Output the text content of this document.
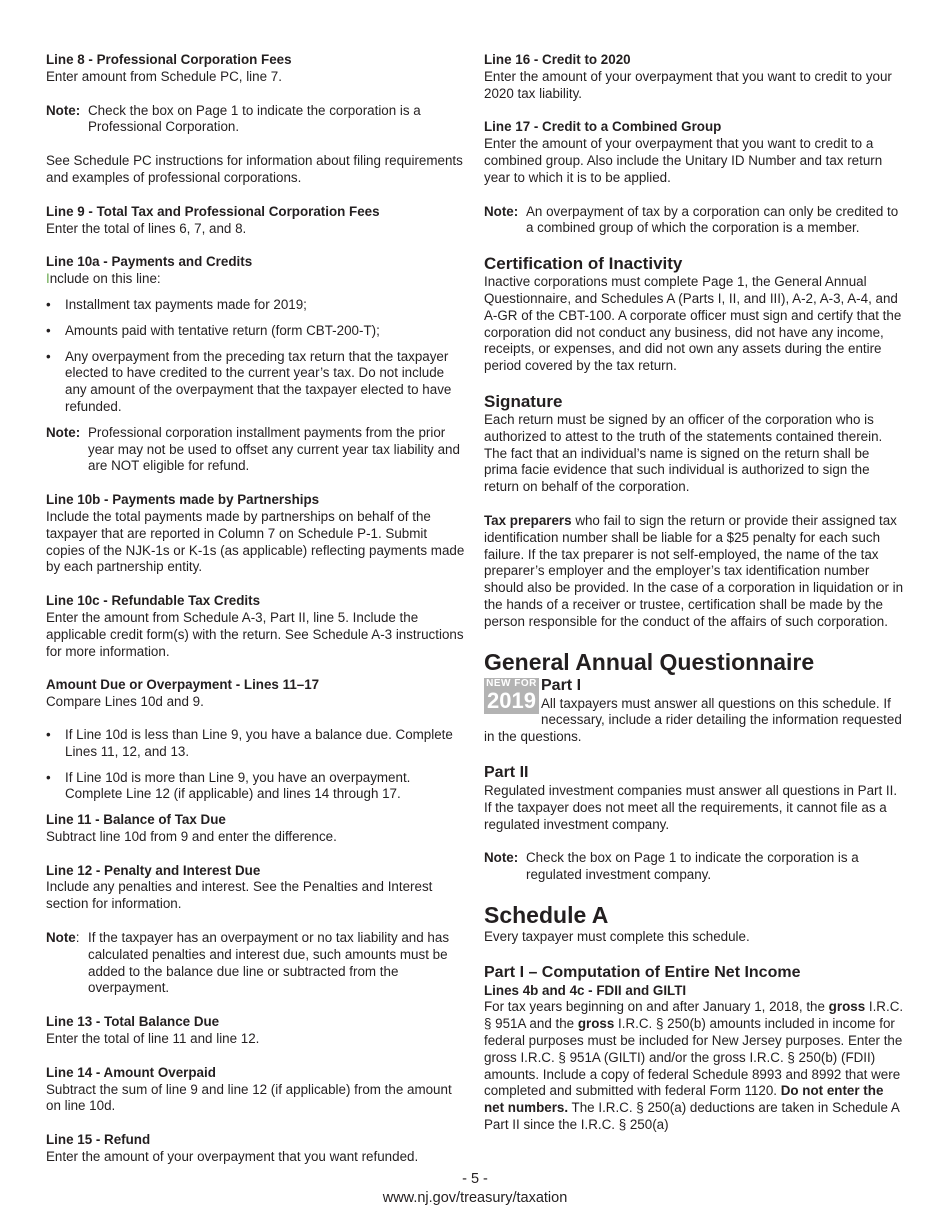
Line 8 - Professional Corporation Fees

Enter amount from Schedule PC, line 7.

Note: Check the box on Page 1 to indicate the corporation is a Professional Corporation.

See Schedule PC instructions for information about filing requirements and examples of professional corporations.

Line 9 - Total Tax and Professional Corporation Fees

Enter the total of lines 6, 7, and 8.

Line 10a - Payments and Credits

Include on this line:

•	Installment tax payments made for 2019;
•	Amounts paid with tentative return (form CBT-200-T);
•	Any overpayment from the preceding tax return that the taxpayer elected to have credited to the current year’s tax. Do not include any amount of the overpayment that the taxpayer elected to have refunded.
Note: Professional corporation installment payments from the prior year may not be used to offset any current year tax liability and are NOT eligible for refund.
Line 10b - Payments made by Partnerships

Include the total payments made by partnerships on behalf of the taxpayer that are reported in Column 7 on Schedule P-1. Submit copies of the NJK-1s or K-1s (as applicable) reflecting payments made by each partnership entity.

Line 10c - Refundable Tax Credits

Enter the amount from Schedule A-3, Part II, line 5. Include the applicable credit form(s) with the return. See Schedule A-3 instructions for more information.

Amount Due or Overpayment - Lines 11–17

Compare Lines 10d and 9.

•	If Line 10d is less than Line 9, you have a balance due. Complete Lines 11, 12, and 13.
•	If Line 10d is more than Line 9, you have an overpayment. Complete Line 12 (if applicable) and lines 14 through 17.
Line 11 - Balance of Tax Due

Subtract line 10d from 9 and enter the difference.

Line 12 - Penalty and Interest Due

Include any penalties and interest. See the Penalties and Interest section for information.

Note: If the taxpayer has an overpayment or no tax liability and has calculated penalties and interest due, such amounts must be added to the balance due line or subtracted from the overpayment.
Line 13 - Total Balance Due

Enter the total of line 11 and line 12.

Line 14 - Amount Overpaid

Subtract the sum of line 9 and line 12 (if applicable) from the amount on line 10d.

Line 15 - Refund

Enter the amount of your overpayment that you want refunded.

Line 16 - Credit to 2020

Enter the amount of your overpayment that you want to credit to your 2020 tax liability.

Line 17 - Credit to a Combined Group

Enter the amount of your overpayment that you want to credit to a combined group. Also include the Unitary ID Number and tax return year to which it is to be applied.

Note: An overpayment of tax by a corporation can only be credited to a combined group of which the corporation is a member.
Certification of Inactivity

Inactive corporations must complete Page 1, the General Annual Questionnaire, and Schedules A (Parts I, II, and III), A-2, A-3, A-4, and A-GR of the CBT-100. A corporate officer must sign and certify that the corporation did not conduct any business, did not have any income, receipts, or expenses, and did not own any assets during the entire period covered by the tax return.

Signature

Each return must be signed by an officer of the corporation who is authorized to attest to the truth of the statements contained therein. The fact that an individual’s name is signed on the return shall be prima facie evidence that such individual is authorized to sign the return on behalf of the corporation.

Tax preparers who fail to sign the return or provide their assigned tax identification number shall be liable for a $25 penalty for each such failure. If the tax preparer is not self-employed, the name of the tax preparer’s employer and the employer’s tax identification number should also be provided. In the case of a corporation in liquidation or in the hands of a receiver or trustee, certification shall be made by the person responsible for the conduct of the affairs of such corporation.

General Annual Questionnaire
NEW FOR
2019
Part I

All taxpayers must answer all questions on this schedule. If necessary, include a rider detailing the information requested in the questions.

Part II

Regulated investment companies must answer all questions in Part II. If the taxpayer does not meet all the requirements, it cannot file as a regulated investment company.

Note: Check the box on Page 1 to indicate the corporation is a regulated investment company.
Schedule A

Every taxpayer must complete this schedule.

Part I – Computation of Entire Net Income
Lines 4b and 4c - FDII and GILTI

For tax years beginning on and after January 1, 2018, the gross I.R.C. § 951A and the gross I.R.C. § 250(b) amounts included in income for federal purposes must be included for New Jersey purposes. Enter the gross I.R.C. § 951A (GILTI) and/or the gross I.R.C. § 250(b) (FDII) amounts. Include a copy of federal Schedule 8993 and 8992 that were completed and submitted with federal Form 1120. Do not enter the net numbers. The I.R.C. § 250(a) deductions are taken in Schedule A Part II since the I.R.C. § 250(a)

- 5 -
www.nj.gov/treasury/taxation
